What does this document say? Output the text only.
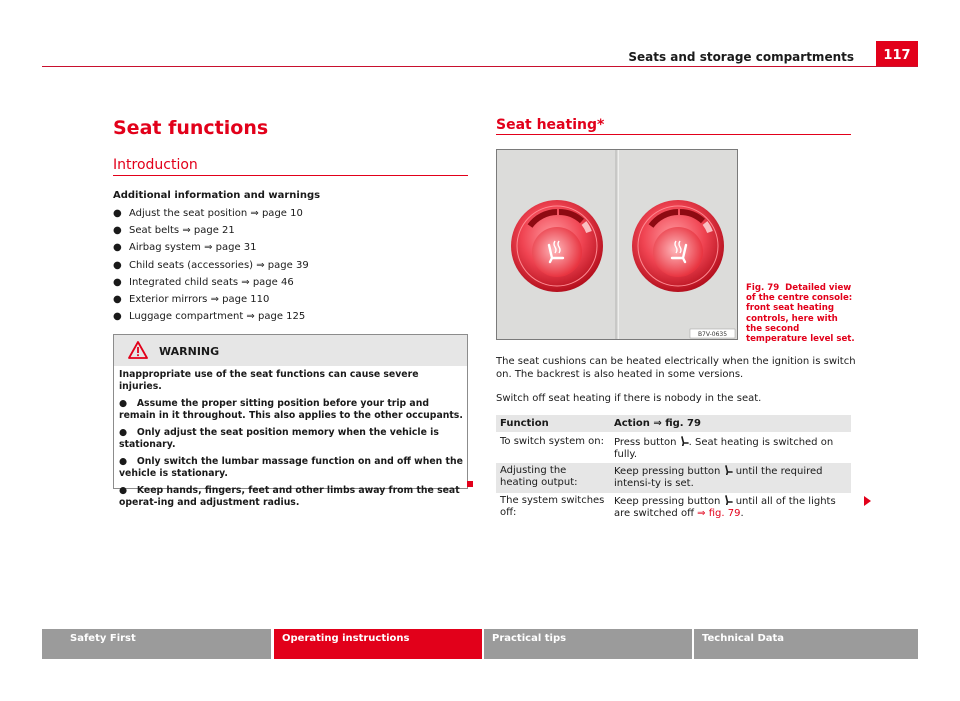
Seats and storage compartments	117
Seat functions
Introduction
Additional information and warnings
● Adjust the seat position ⇒ page 10
● Seat belts ⇒ page 21
● Airbag system ⇒ page 31
● Child seats (accessories) ⇒ page 39
● Integrated child seats ⇒ page 46
● Exterior mirrors ⇒ page 110
● Luggage compartment ⇒ page 125
WARNING

Inappropriate use of the seat functions can cause severe injuries.

● Assume the proper sitting position before your trip and remain in it throughout. This also applies to the other occupants.

● Only adjust the seat position memory when the vehicle is stationary.

● Only switch the lumbar massage function on and off when the vehicle is stationary.

● Keep hands, fingers, feet and other limbs away from the seat operat-ing and adjustment radius.

Seat heating*
B7V-0635
Fig. 79 Detailed view of the centre console: front seat heating controls, here with the second temperature level set.
The seat cushions can be heated electrically when the ignition is switch on. The backrest is also heated in some versions.
Switch off seat heating if there is nobody in the seat.
Function	Action ⇒ fig. 79
To switch system on:	Press button . Seat heating is switched on fully.
Adjusting the heating output:	Keep pressing button  until the required intensi-ty is set.
The system switches off:	Keep pressing button  until all of the lights are switched off ⇒ fig. 79.
Safety First	Operating instructions	Practical tips	Technical Data
